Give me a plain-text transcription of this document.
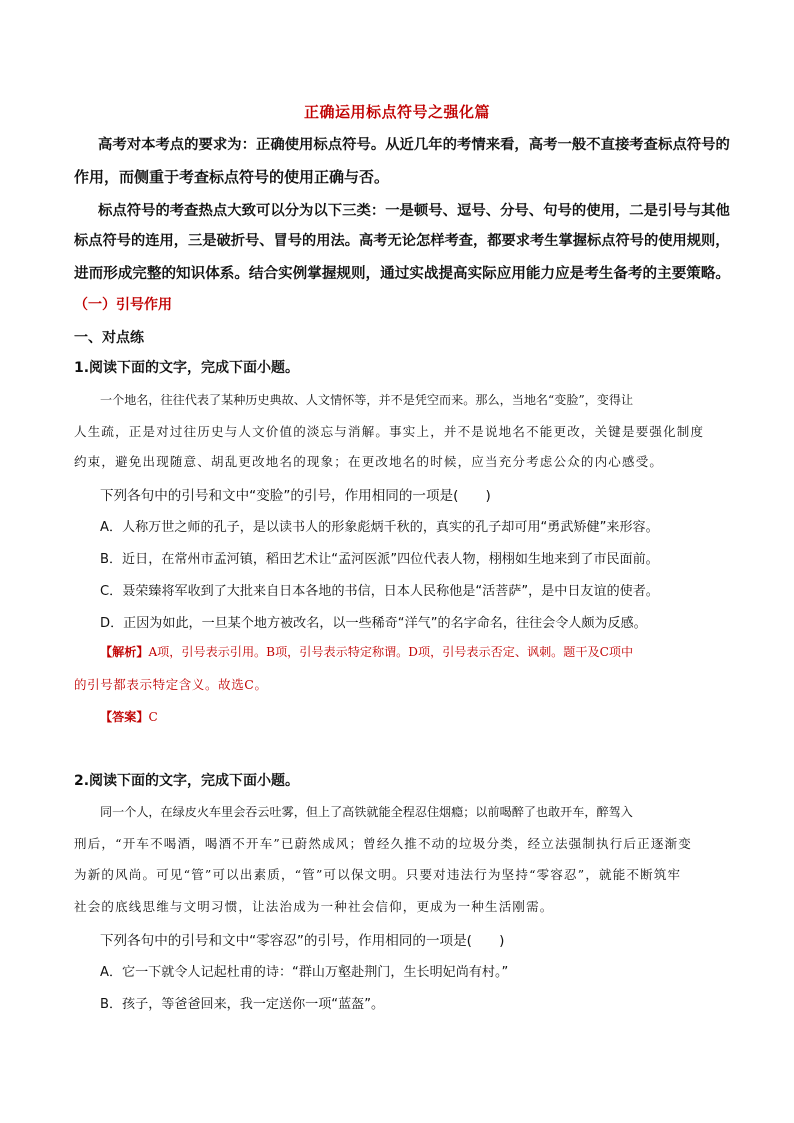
正确运用标点符号之强化篇
高考对本考点的要求为：正确使用标点符号。从近几年的考情来看，高考一般不直接考查标点符号的
作用，而侧重于考查标点符号的使用正确与否。
标点符号的考查热点大致可以分为以下三类：一是顿号、逗号、分号、句号的使用，二是引号与其他
标点符号的连用，三是破折号、冒号的用法。高考无论怎样考查，都要求考生掌握标点符号的使用规则，
进而形成完整的知识体系。结合实例掌握规则，通过实战提高实际应用能力应是考生备考的主要策略。
（一）引号作用
一、对点练
1.阅读下面的文字，完成下面小题。
一个地名，往往代表了某种历史典故、人文情怀等，并不是凭空而来。那么，当地名“变脸”，变得让
人生疏，正是对过往历史与人文价值的淡忘与消解。事实上，并不是说地名不能更改，关键是要强化制度
约束，避免出现随意、胡乱更改地名的现象；在更改地名的时候，应当充分考虑公众的内心感受。
下列各句中的引号和文中“变脸”的引号，作用相同的一项是(　　)
A．人称万世之师的孔子，是以读书人的形象彪炳千秋的，真实的孔子却可用“勇武矫健”来形容。
B．近日，在常州市孟河镇，稻田艺术让“孟河医派”四位代表人物，栩栩如生地来到了市民面前。
C．聂荣臻将军收到了大批来自日本各地的书信，日本人民称他是“活菩萨”，是中日友谊的使者。
D．正因为如此，一旦某个地方被改名，以一些稀奇“洋气”的名字命名，往往会令人颇为反感。
【解析】A项，引号表示引用。B项，引号表示特定称谓。D项，引号表示否定、讽刺。题干及C项中
的引号都表示特定含义。故选C。
【答案】C
2.阅读下面的文字，完成下面小题。
同一个人，在绿皮火车里会吞云吐雾，但上了高铁就能全程忍住烟瘾；以前喝醉了也敢开车，醉驾入
刑后，“开车不喝酒，喝酒不开车”已蔚然成风；曾经久推不动的垃圾分类，经立法强制执行后正逐渐变
为新的风尚。可见“管”可以出素质，“管”可以保文明。只要对违法行为坚持“零容忍”，就能不断筑牢
社会的底线思维与文明习惯，让法治成为一种社会信仰，更成为一种生活刚需。
下列各句中的引号和文中“零容忍”的引号，作用相同的一项是(　　)
A．它一下就令人记起杜甫的诗：“群山万壑赴荆门，生长明妃尚有村。”
B．孩子，等爸爸回来，我一定送你一项“蓝盔”。
